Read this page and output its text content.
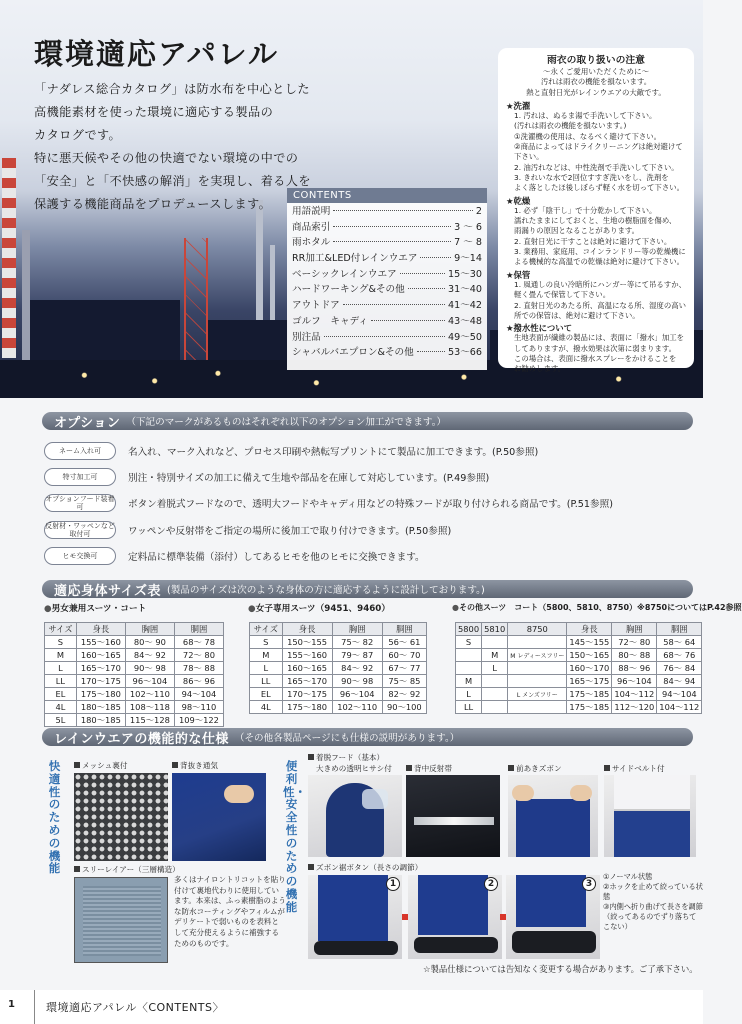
環境適応アパレル

「ナダレス総合カタログ」は防水布を中心とした

高機能素材を使った環境に適応する製品の

カタログです。

特に悪天候やその他の快適でない環境の中での

「安全」と「不快感の解消」を実現し、着る人を

保護する機能商品をプロデュースします。

CONTENTS
用語説明	2
商品索引	3 ～ 6
雨ホタル	7 ～ 8
RR加工&LED付レインウエア	9～14
ベーシックレインウエア	15～30
ハードワーキング&その他	31～40
アウトドア	41～42
ゴルフ　キャディ	43～48
別注品	49～50
シャバルバエプロン&その他	53～66
雨衣の取り扱いの注意
～永くご愛用いただくために～
汚れは雨衣の機能を損ないます。
熱と直射日光がレインウエアの大敵です。
★洗濯
1. 汚れは、ぬるま湯で手洗いして下さい。
(汚れは雨衣の機能を損ないます。)
①洗濯機の使用は、なるべく避けて下さい。
②商品によってはドライクリーニングは絶対避けて下さい。
2. 油汚れなどは、中性洗剤で手洗いして下さい。
3. きれいな水で2回位すすぎ洗いをし、洗剤を
よく落としたほ後しぼらず軽く水を切って下さい。
★乾燥
1. 必ず「陰干し」で十分乾かして下さい。
濡れたままにしておくと、生地の樹脂面を傷め、
雨漏りの原因となることがあります。
2. 直射日光に干すことは絶対に避けて下さい。
3. 業務用、家庭用、コインランドリー等の乾燥機に
よる機械的な高温での乾燥は絶対に避けて下さい。
★保管
1. 風通しの良い冷暗所にハンガー等にて吊るすか、
軽く畳んで保管して下さい。
2. 直射日光のあたる所、高温になる所、湿度の高い
所での保管は、絶対に避けて下さい。
★撥水性について
生地表面が繊維の製品には、表面に「撥水」加工を
してありますが、撥水効果は次第に弱まります。
この場合は、表面に撥水スプレーをかけることを
お勧めします。
オプション （下記のマークがあるものはそれぞれ以下のオプション加工ができます。）
ネーム入れ可	名入れ、マーク入れなど、プロセス印刷や熱転写プリントにて製品に加工できます。(P.50参照)
特寸加工可	別注・特別サイズの加工に備えて生地や部品を在庫して対応しています。(P.49参照)
オプションフード装着可	ボタン着脱式フードなので、透明大フードやキャディ用などの特殊フードが取り付けられる商品です。(P.51参照)
反射材・ワッペンなど取付可	ワッペンや反射帯をご指定の場所に後加工で取り付けできます。(P.50参照)
ヒモ交換可	定料品に標準装備（添付）してあるヒモを他のヒモに交換できます。
適応身体サイズ表 (製品のサイズは次のような身体の方に適応するように設計しております。)
●男女兼用スーツ・コート
サイズ	身長	胸囲	胴囲
S	155～160	80～ 90	68～ 78
M	160～165	84～ 92	72～ 80
L	165～170	90～ 98	78～ 88
LL	170～175	96～104	86～ 96
EL	175～180	102～110	94～104
4L	180～185	108～118	98～110
5L	180～185	115～128	109～122
●女子専用スーツ（9451、9460）
サイズ	身長	胸囲	胴囲
S	150～155	75～ 82	56～ 61
M	155～160	79～ 87	60～ 70
L	160～165	84～ 92	67～ 77
LL	165～170	90～ 98	75～ 85
EL	170～175	96～104	82～ 92
4L	175～180	102～110	90～100
●その他スーツ　コート（5800、5810、8750）※8750についてはP.42参照
5800	5810	8750	身長	胸囲	胴囲
S			145～155	72～ 80	58～ 64
	M	M レディースフリー	150～165	80～ 88	68～ 76
	L		160～170	88～ 96	76～ 84
M			165～175	96～104	84～ 94
L		L メンズフリー	175～185	104～112	94～104
LL			175～185	112～120	104～112
レインウエアの機能的な仕様 （その他各製品ページにも仕様の説明があります。）
快適性のための機能
便利性・安全性のための機能
メッシュ裏付	背抜き通気
スリーレイアー（三層構造）
多くはナイロントリコットを貼り付けて裏地代わりに使用しています。本来は、ふっ素樹脂のような防水コーティングやフィルムがデリケートで弱いものを表料として充分使えるように補強するためのものです。
着脱フード（基本）
大きめの透明ヒサシ付	背中反射帯	前あきズボン	サイドベルト付
ズボン裾ボタン（長さの調節）
1	2	3
①ノーマル状態
②ホックを止めて絞っている状態
③内側へ折り曲げて長さを調節（絞ってあるのでずり落ちてこない）
☆製品仕様については告知なく変更する場合があります。ご了承下さい。
1	環境適応アパレル〈CONTENTS〉
